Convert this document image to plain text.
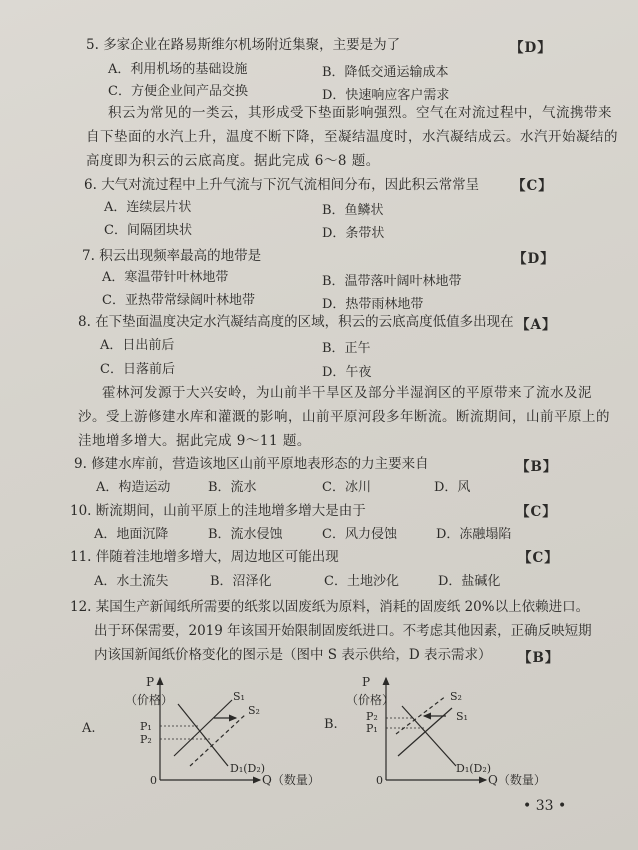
5. 多家企业在路易斯维尔机场附近集聚，主要是为了	【D】
A．利用机场的基础设施	B．降低交通运输成本
C．方便企业间产品交换	D．快速响应客户需求
积云为常见的一类云，其形成受下垫面影响强烈。空气在对流过程中，气流携带来
自下垫面的水汽上升，温度不断下降，至凝结温度时，水汽凝结成云。水汽开始凝结的
高度即为积云的云底高度。据此完成 6～8 题。
6. 大气对流过程中上升气流与下沉气流相间分布，因此积云常常呈 【C】
A．连续层片状	B．鱼鳞状
C．间隔团块状	D．条带状
7. 积云出现频率最高的地带是	【D】
A．寒温带针叶林地带	B．温带落叶阔叶林地带
C．亚热带常绿阔叶林地带	D．热带雨林地带
8. 在下垫面温度决定水汽凝结高度的区域，积云的云底高度低值多出现在 【A】
A．日出前后	B．正午
C．日落前后	D．午夜
霍林河发源于大兴安岭，为山前半干旱区及部分半湿润区的平原带来了流水及泥
沙。受上游修建水库和灌溉的影响，山前平原河段多年断流。断流期间，山前平原上的
洼地增多增大。据此完成 9～11 题。
9. 修建水库前，营造该地区山前平原地表形态的力主要来自	【B】
A．构造运动	B．流水	C．冰川	D．风
10. 断流期间，山前平原上的洼地增多增大是由于	【C】
A．地面沉降	B．流水侵蚀	C．风力侵蚀	D．冻融塌陷
11. 伴随着洼地增多增大，周边地区可能出现	【C】
A．水土流失	B．沼泽化	C．土地沙化	D．盐碱化
12. 某国生产新闻纸所需要的纸浆以固废纸为原料，消耗的固废纸 20%以上依赖进口。
出于环保需要，2019 年该国开始限制固废纸进口。不考虑其他因素，正确反映短期
内该国新闻纸价格变化的图示是（图中 S 表示供给，D 表示需求） 【B】
P
（价格）
Q（数量）
0
A.	P₁
P₂
S₁
S₂
D₁(D₂)
P
（价格）
Q（数量）
0
B.
P₂
P₁
S₂
S₁
D₁(D₂)
• 33 •
